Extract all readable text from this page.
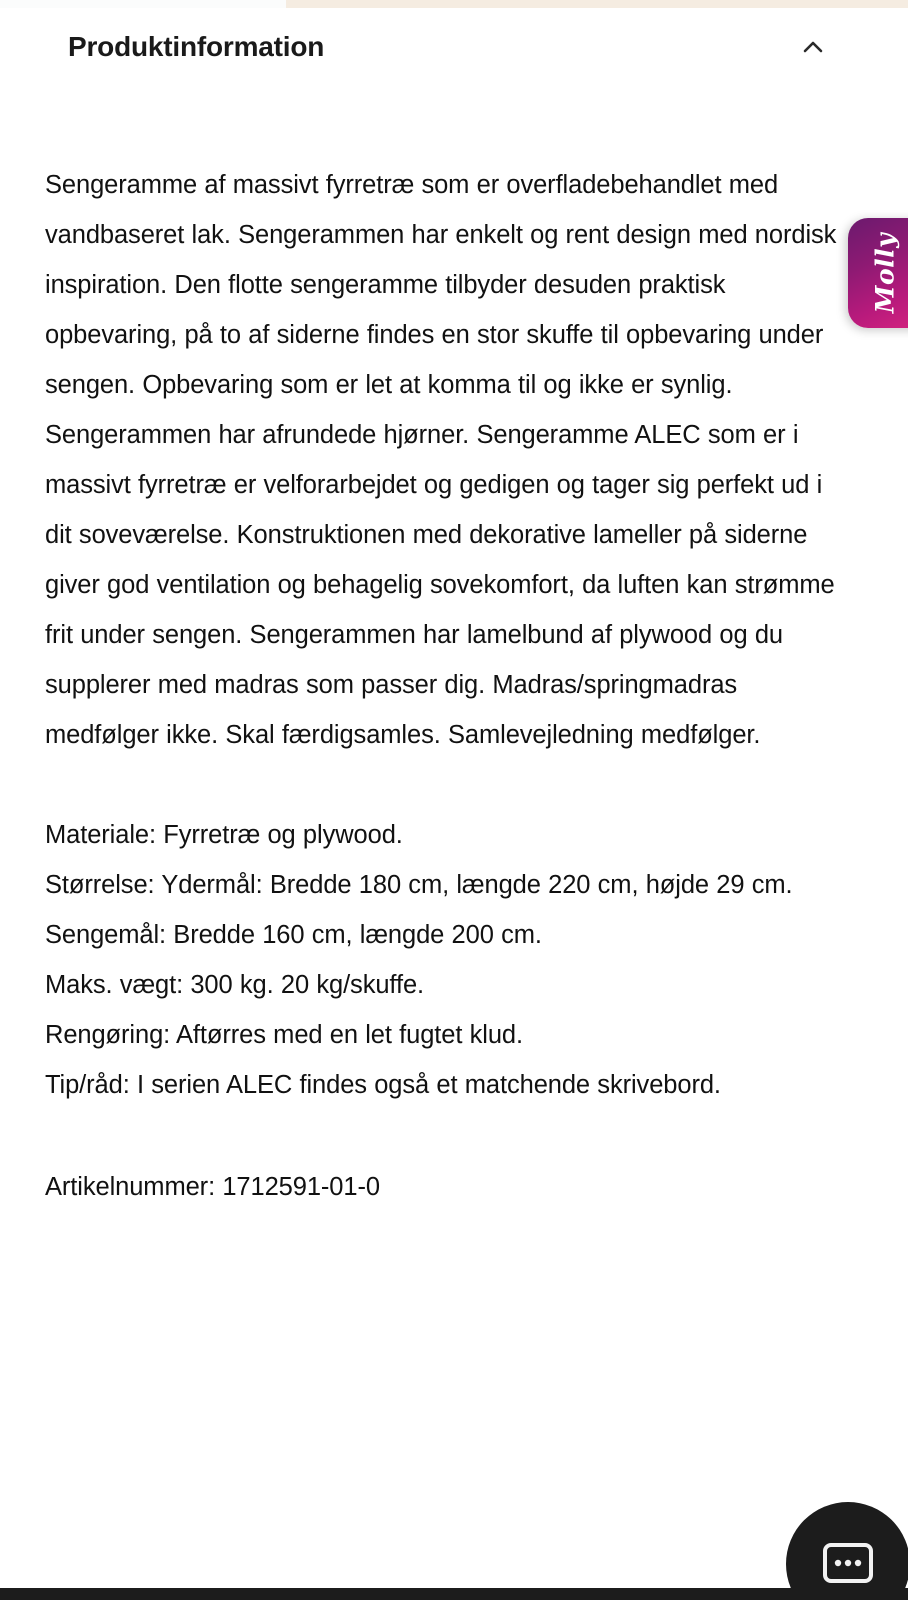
Produktinformation

Sengeramme af massivt fyrretræ som er overfladebehandlet med vandbaseret lak. Sengerammen har enkelt og rent design med nordisk inspiration. Den flotte sengeramme tilbyder desuden praktisk opbevaring, på to af siderne findes en stor skuffe til opbevaring under sengen. Opbevaring som er let at komma til og ikke er synlig. Sengerammen har afrundede hjørner. Sengeramme ALEC som er i massivt fyrretræ er velforarbejdet og gedigen og tager sig perfekt ud i dit soveværelse. Konstruktionen med dekorative lameller på siderne giver god ventilation og behagelig sovekomfort, da luften kan strømme frit under sengen. Sengerammen har lamelbund af plywood og du supplerer med madras som passer dig. Madras/springmadras medfølger ikke. Skal færdigsamles. Samlevejledning medfølger.

Materiale: Fyrretræ og plywood.
Størrelse: Ydermål: Bredde 180 cm, længde 220 cm, højde 29 cm. Sengemål: Bredde 160 cm, længde 200 cm.
Maks. vægt: 300 kg. 20 kg/skuffe.
Rengøring: Aftørres med en let fugtet klud.
Tip/råd: I serien ALEC findes også et matchende skrivebord.
Artikelnummer: 1712591-01-0
Molly
